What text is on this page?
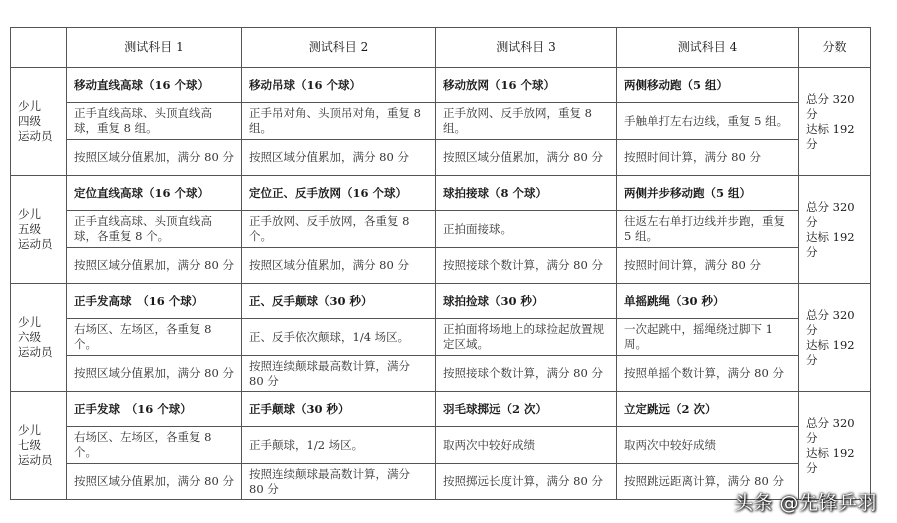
	测试科目 1	测试科目 2	测试科目 3	测试科目 4	分数
少儿
四级
运动员	移动直线高球（16 个球）	移动吊球（16 个球）	移动放网（16 个球）	两侧移动跑（5 组）	总分 320 分
达标 192 分
	正手直线高球、头顶直线高球，重复 8 组。	正手吊对角、头顶吊对角，重复 8 组。	正手放网、反手放网，重复 8 组。	手触单打左右边线，重复 5 组。	
	按照区域分值累加，满分 80 分	按照区域分值累加，满分 80 分	按照区域分值累加，满分 80 分	按照时间计算，满分 80 分	
少儿
五级
运动员	定位直线高球（16 个球）	定位正、反手放网（16 个球）	球拍接球（8 个球）	两侧并步移动跑（5 组）	总分 320 分
达标 192 分
	正手直线高球、头顶直线高球，各重复 8 个。	正手放网、反手放网，各重复 8 个。	正拍面接球。	往返左右单打边线并步跑，重复 5 组。	
	按照区域分值累加，满分 80 分	按照区域分值累加，满分 80 分	按照接球个数计算，满分 80 分	按照时间计算，满分 80 分	
少儿
六级
运动员	正手发高球　（16 个球）	正、反手颠球（30 秒）	球拍捡球（30 秒）	单摇跳绳（30 秒）	总分 320 分
达标 192 分
	右场区、左场区，各重复 8 个。	正、反手依次颠球，1/4 场区。	正拍面将场地上的球捡起放置规定区域。	一次起跳中，摇绳绕过脚下 1 周。	
	按照区域分值累加，满分 80 分	按照连续颠球最高数计算，满分 80 分	按照接球个数计算，满分 80 分	按照单摇个数计算，满分 80 分	
少儿
七级
运动员	正手发球　（16 个球）	正手颠球（30 秒）	羽毛球掷远（2 次）	立定跳远（2 次）	总分 320 分
达标 192 分
	右场区、左场区，各重复 8 个。	正手颠球，1/2 场区。	取两次中较好成绩	取两次中较好成绩	
	按照区域分值累加，满分 80 分	按照连续颠球最高数计算，满分 80 分	按照掷远长度计算，满分 80 分	按照跳远距离计算，满分 80 分	
头条 @先锋乒羽
